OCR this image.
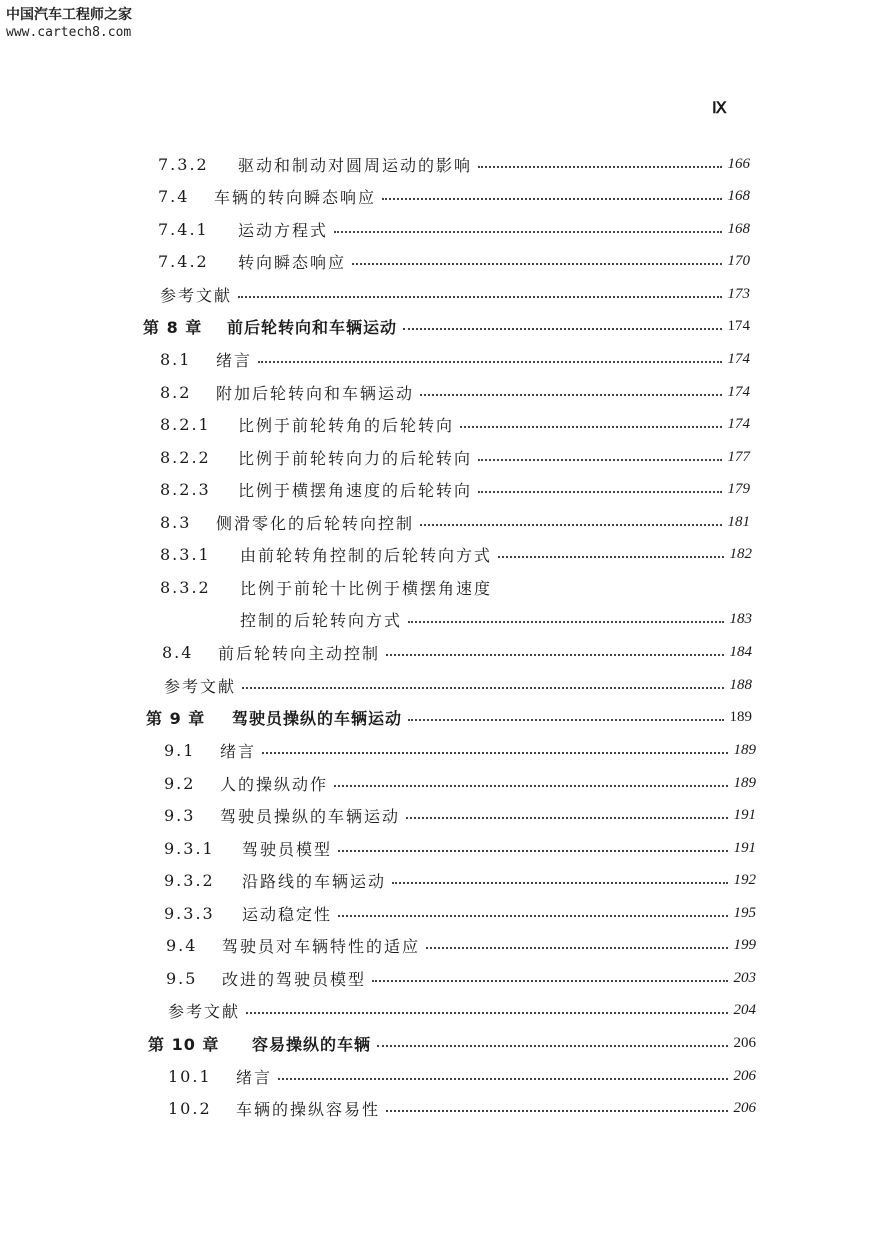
中国汽车工程师之家
www.cartech8.com
Ⅸ
7.3.2	驱动和制动对圆周运动的影响	166
7.4	车辆的转向瞬态响应	168
7.4.1	运动方程式	168
7.4.2	转向瞬态响应	170
参考文献	173
第 8 章	前后轮转向和车辆运动	174
8.1	绪言	174
8.2	附加后轮转向和车辆运动	174
8.2.1	比例于前轮转角的后轮转向	174
8.2.2	比例于前轮转向力的后轮转向	177
8.2.3	比例于横摆角速度的后轮转向	179
8.3	侧滑零化的后轮转向控制	181
8.3.1	由前轮转角控制的后轮转向方式	182
8.3.2	比例于前轮十比例于横摆角速度
控制的后轮转向方式	183
8.4	前后轮转向主动控制	184
参考文献	188
第 9 章	驾驶员操纵的车辆运动	189
9.1	绪言	189
9.2	人的操纵动作	189
9.3	驾驶员操纵的车辆运动	191
9.3.1	驾驶员模型	191
9.3.2	沿路线的车辆运动	192
9.3.3	运动稳定性	195
9.4	驾驶员对车辆特性的适应	199
9.5	改进的驾驶员模型	203
参考文献	204
第 10 章	容易操纵的车辆	206
10.1	绪言	206
10.2	车辆的操纵容易性	206
